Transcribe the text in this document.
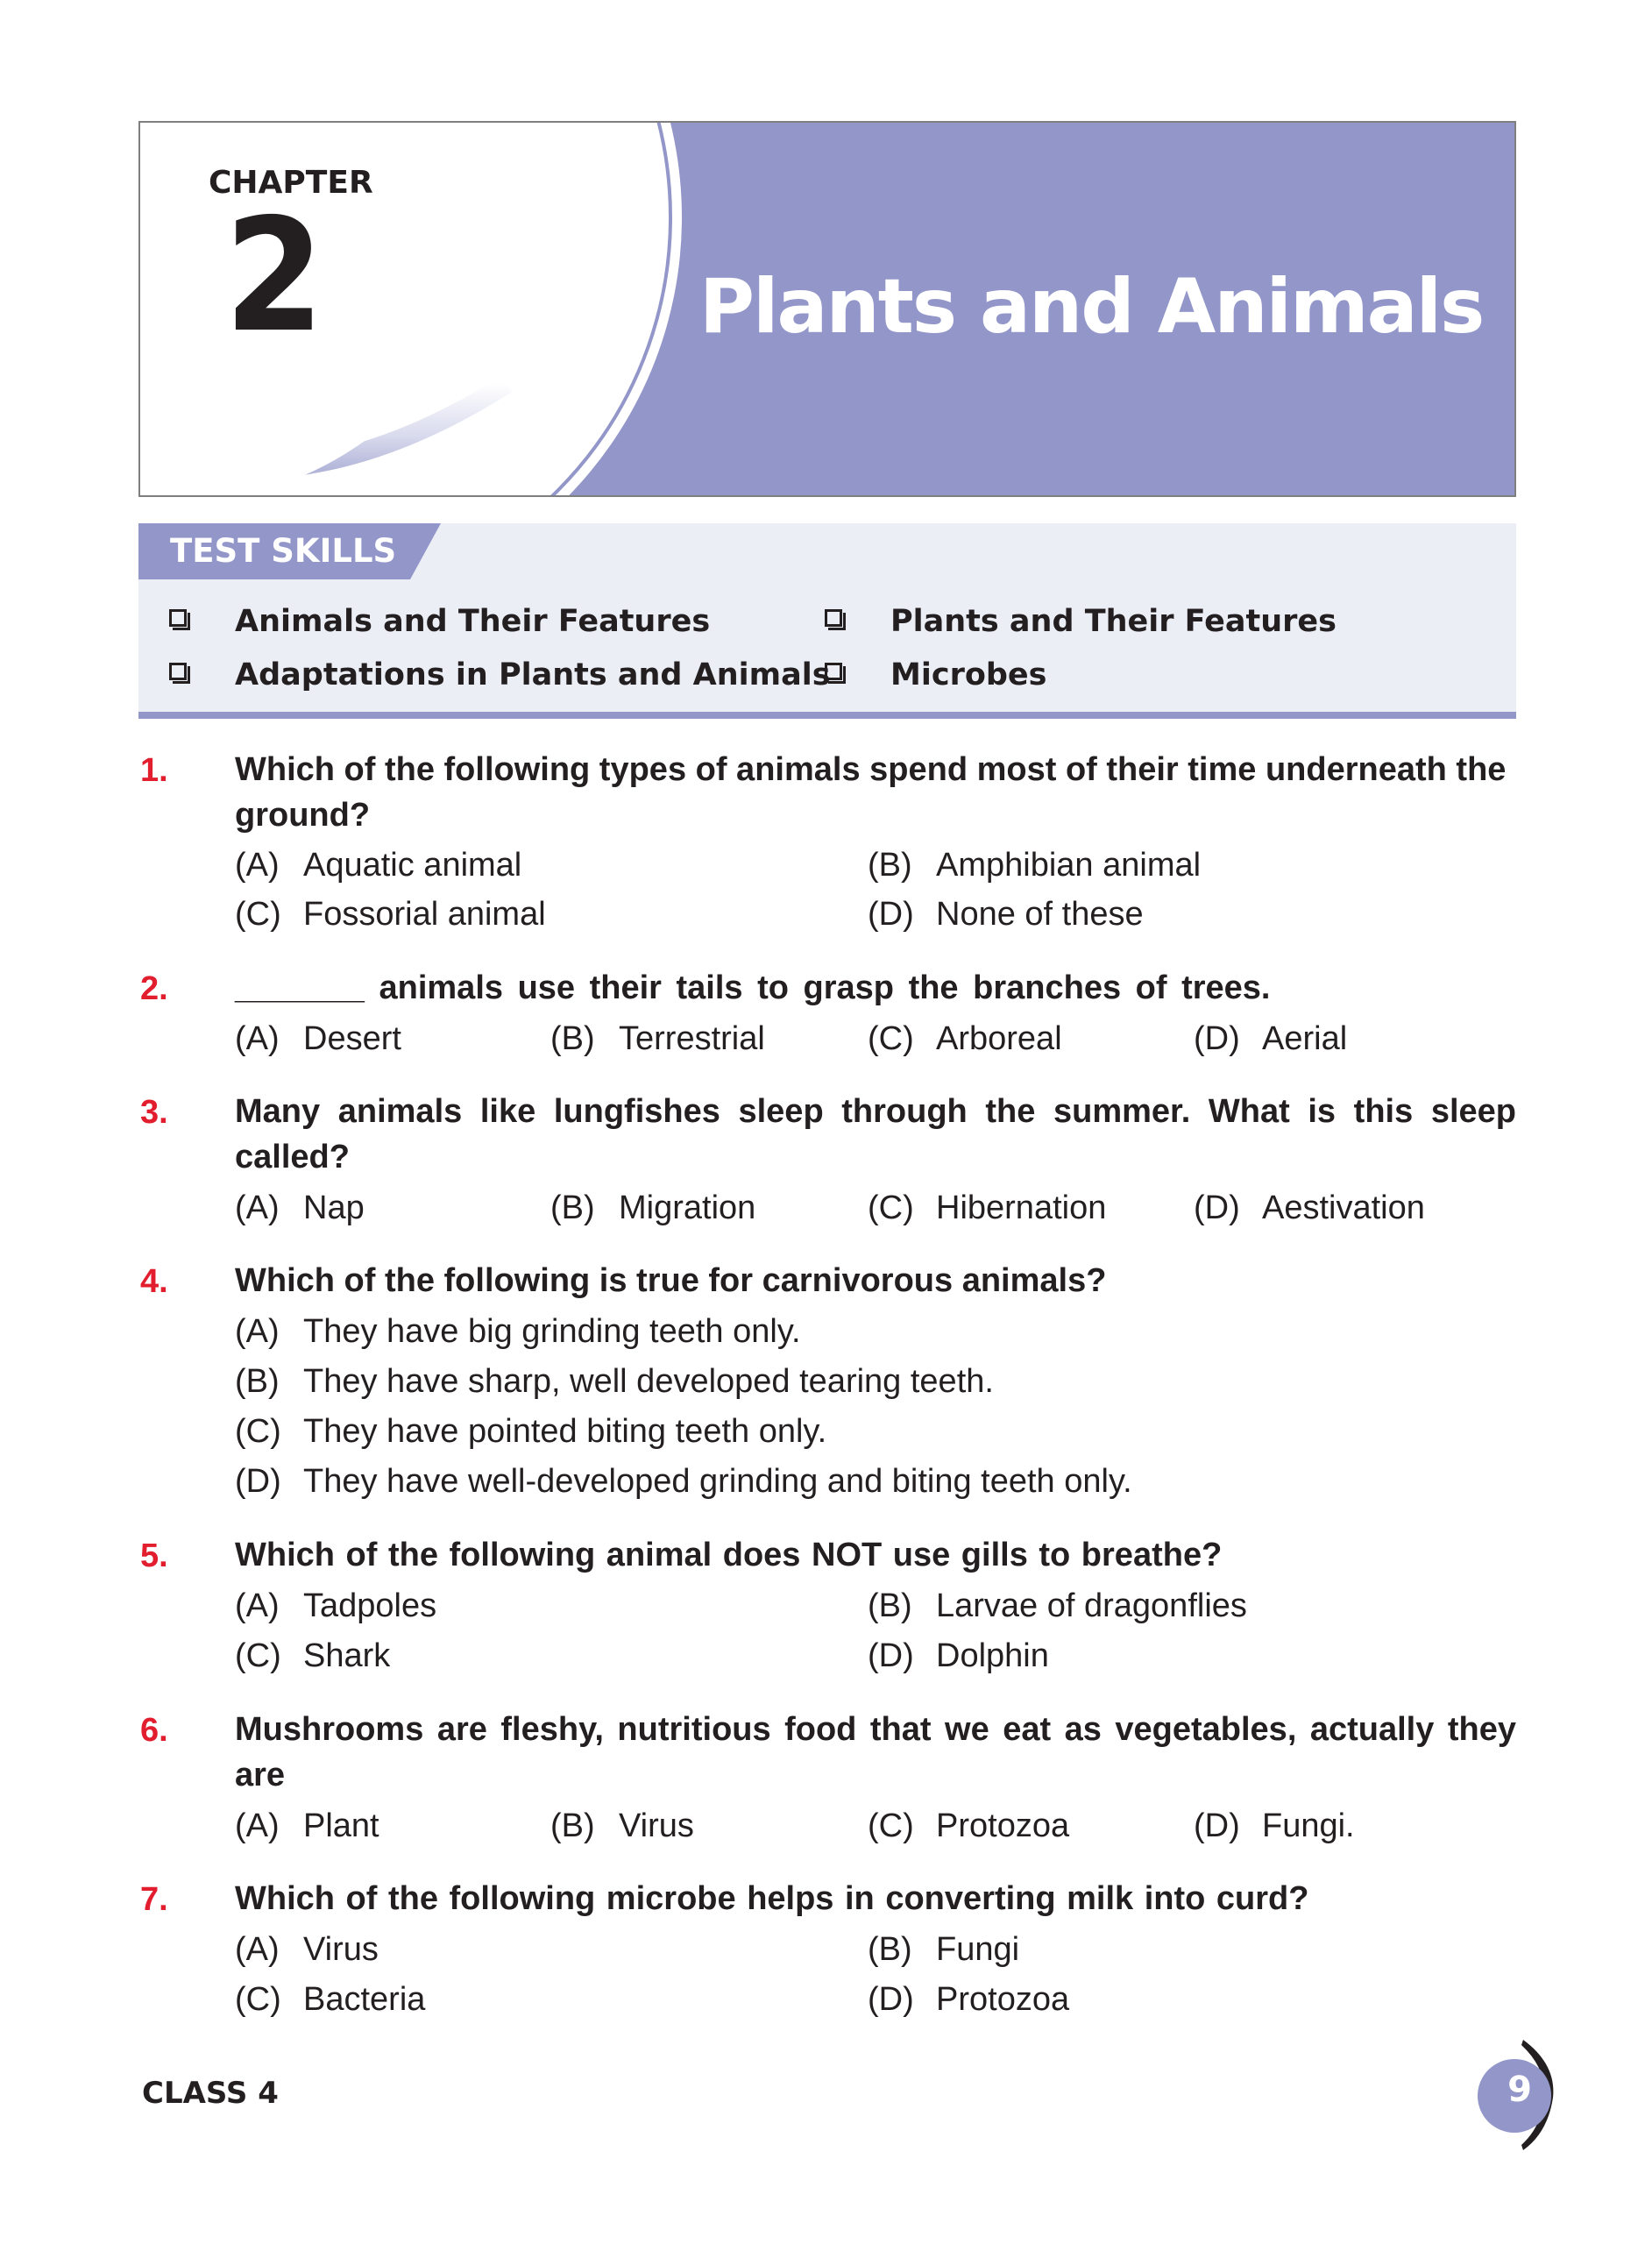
CHAPTER
2	Plants and Animals
TEST SKILLS
Animals and Their Features	Plants and Their Features
Adaptations in Plants and Animals Microbes
1. Which of the following types of animals spend most of their time underneath the ground?
(A) Aquatic animal	(B) Amphibian animal
(C) Fossorial animal	(D) None of these
2. _______ animals use their tails to grasp the branches of trees.
(A) Desert	(B) Terrestrial	(C) Arboreal	(D) Aerial
3. Many animals like lungfishes sleep through the summer. What is this sleep called?
(A) Nap	(B) Migration	(C) Hibernation	(D) Aestivation
4. Which of the following is true for carnivorous animals?
(A) They have big grinding teeth only.
(B) They have sharp, well developed tearing teeth.
(C) They have pointed biting teeth only.
(D) They have well-developed grinding and biting teeth only.
5. Which of the following animal does NOT use gills to breathe?
(A) Tadpoles	(B) Larvae of dragonflies
(C) Shark	(D) Dolphin
6. Mushrooms are fleshy, nutritious food that we eat as vegetables, actually they are
(A) Plant	(B) Virus	(C) Protozoa	(D) Fungi.
7. Which of the following microbe helps in converting milk into curd?
(A) Virus	(B) Fungi
(C) Bacteria	(D) Protozoa
CLASS 4	9
